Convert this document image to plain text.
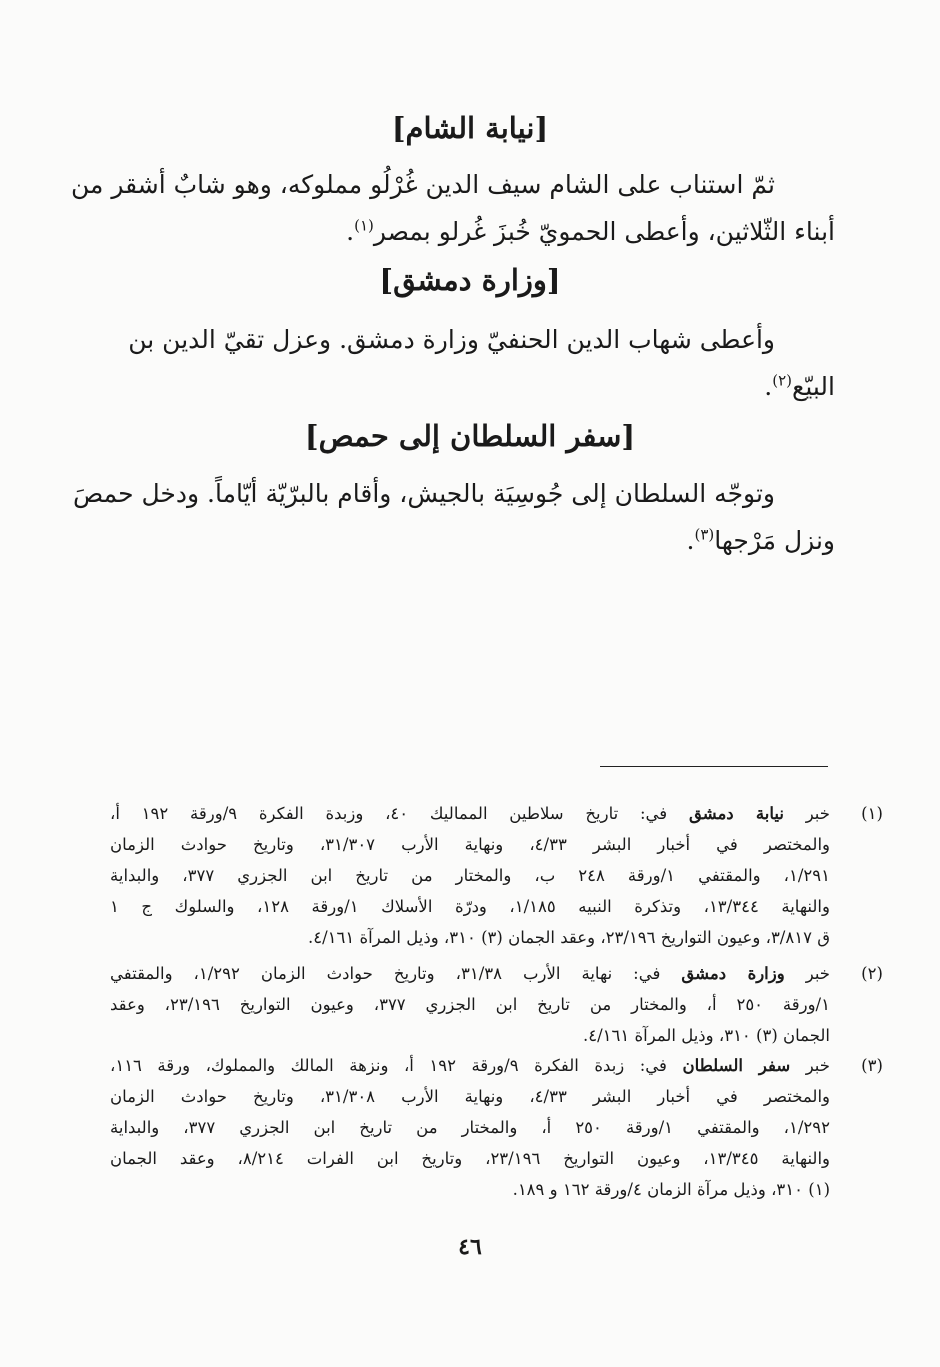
[نيابة الشام]
ثمّ استناب على الشام سيف الدين غُرْلُو مملوكه، وهو شابٌ أشقر من
أبناء الثّلاثين، وأعطى الحمويّ خُبزَ غُرلو بمصر$^{(١)}$.
[وزارة دمشق]
وأعطى شهاب الدين الحنفيّ وزارة دمشق. وعزل تقيّ الدين بن
البيّع$^{(٢)}$.
[سفر السلطان إلى حمص]
وتوجّه السلطان إلى جُوسِيَة بالجيش، وأقام بالبرّيّة أيّاماً. ودخل حمصَ
ونزل مَرْجها$^{(٣)}$.
(١)
خبر نيابة دمشق في: تاريخ سلاطين المماليك ٤٠، وزبدة الفكرة ٩/ورقة ١٩٢ أ،
والمختصر في أخبار البشر ٤/٣٣، ونهاية الأرب ٣١/٣٠٧، وتاريخ حوادث الزمان
١/٢٩١، والمقتفي ١/ورقة ٢٤٨ ب، والمختار من تاريخ ابن الجزري ٣٧٧، والبداية
والنهاية ١٣/٣٤٤، وتذكرة النبيه ١/١٨٥، ودرّة الأسلاك ١/ورقة ١٢٨، والسلوك ج ١
ق ٣/٨١٧، وعيون التواريخ ٢٣/١٩٦، وعقد الجمان (٣) ٣١٠، وذيل المرآة ٤/١٦١.
(٢)
خبر وزارة دمشق في: نهاية الأرب ٣١/٣٨، وتاريخ حوادث الزمان ١/٢٩٢، والمقتفي
١/ورقة ٢٥٠ أ، والمختار من تاريخ ابن الجزري ٣٧٧، وعيون التواريخ ٢٣/١٩٦، وعقد
الجمان (٣) ٣١٠، وذيل المرآة ٤/١٦١.
(٣)
خبر سفر السلطان في: زبدة الفكرة ٩/ورقة ١٩٢ أ، ونزهة المالك والمملوك، ورقة ١١٦،
والمختصر في أخبار البشر ٤/٣٣، ونهاية الأرب ٣١/٣٠٨، وتاريخ حوادث الزمان
١/٢٩٢، والمقتفي ١/ورقة ٢٥٠ أ، والمختار من تاريخ ابن الجزري ٣٧٧، والبداية
والنهاية ١٣/٣٤٥، وعيون التواريخ ٢٣/١٩٦، وتاريخ ابن الفرات ٨/٢١٤، وعقد الجمان
(١) ٣١٠، وذيل مرآة الزمان ٤/ورقة ١٦٢ و ١٨٩.
٤٦
